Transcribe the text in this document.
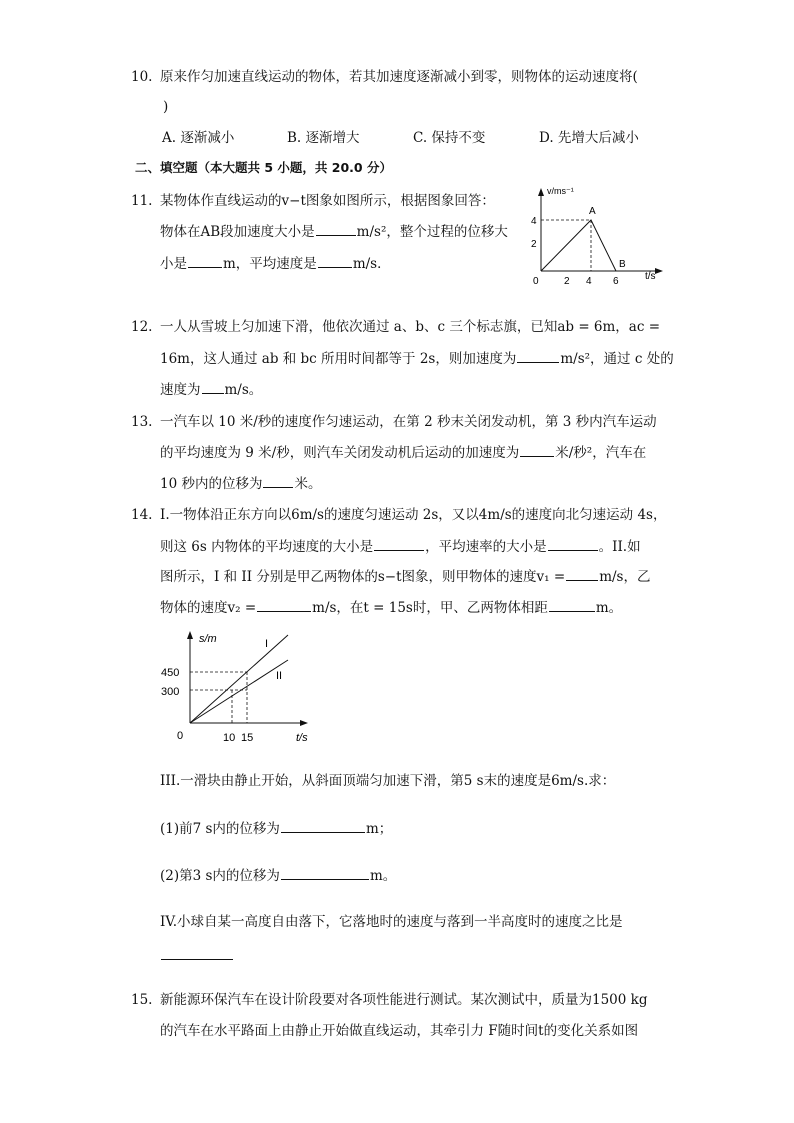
10. 原来作匀加速直线运动的物体，若其加速度逐渐减小到零，则物体的运动速度将(
)
A. 逐渐减小	B. 逐渐增大	C. 保持不变	D. 先增大后减小
二、填空题（本大题共 5 小题，共 20.0 分）
11. 某物体作直线运动的v−t图象如图所示，根据图象回答：
物体在AB段加速度大小是	m/s²，整个过程的位移大
小是	m，平均速度是	m/s．
v/ms⁻¹
t/s
0
4
2
2 4 6
A
B
12. 一人从雪坡上匀加速下滑，他依次通过 a、b、c 三个标志旗，已知ab = 6m，ac =
16m，这人通过 ab 和 bc 所用时间都等于 2s，则加速度为	m/s²，通过 c 处的
速度为 m/s。
13. 一汽车以 10 米/秒的速度作匀速运动，在第 2 秒末关闭发动机，第 3 秒内汽车运动
的平均速度为 9 米/秒，则汽车关闭发动机后运动的加速度为	米/秒²，汽车在
10 秒内的位移为 米。
14. I.一物体沿正东方向以6m/s的速度匀速运动 2s，又以4m/s的速度向北匀速运动 4s，
则这 6s 内物体的平均速度的大小是	，平均速率的大小是	。II.如
图所示，I 和 II 分别是甲乙两物体的s−t图象，则甲物体的速度v₁ =	m/s，乙
物体的速度v₂ =	m/s，在t = 15s时，甲、乙两物体相距	m。
s/m
t/s
0
450
300
10 15
I
II
III.一滑块由静止开始，从斜面顶端匀加速下滑，第5 s末的速度是6m/s.求：
(1)前7 s内的位移为	m；
(2)第3 s内的位移为	m。
IV.小球自某一高度自由落下，它落地时的速度与落到一半高度时的速度之比是
15. 新能源环保汽车在设计阶段要对各项性能进行测试。某次测试中，质量为1500 kg
的汽车在水平路面上由静止开始做直线运动，其牵引力 F随时间t的变化关系如图
